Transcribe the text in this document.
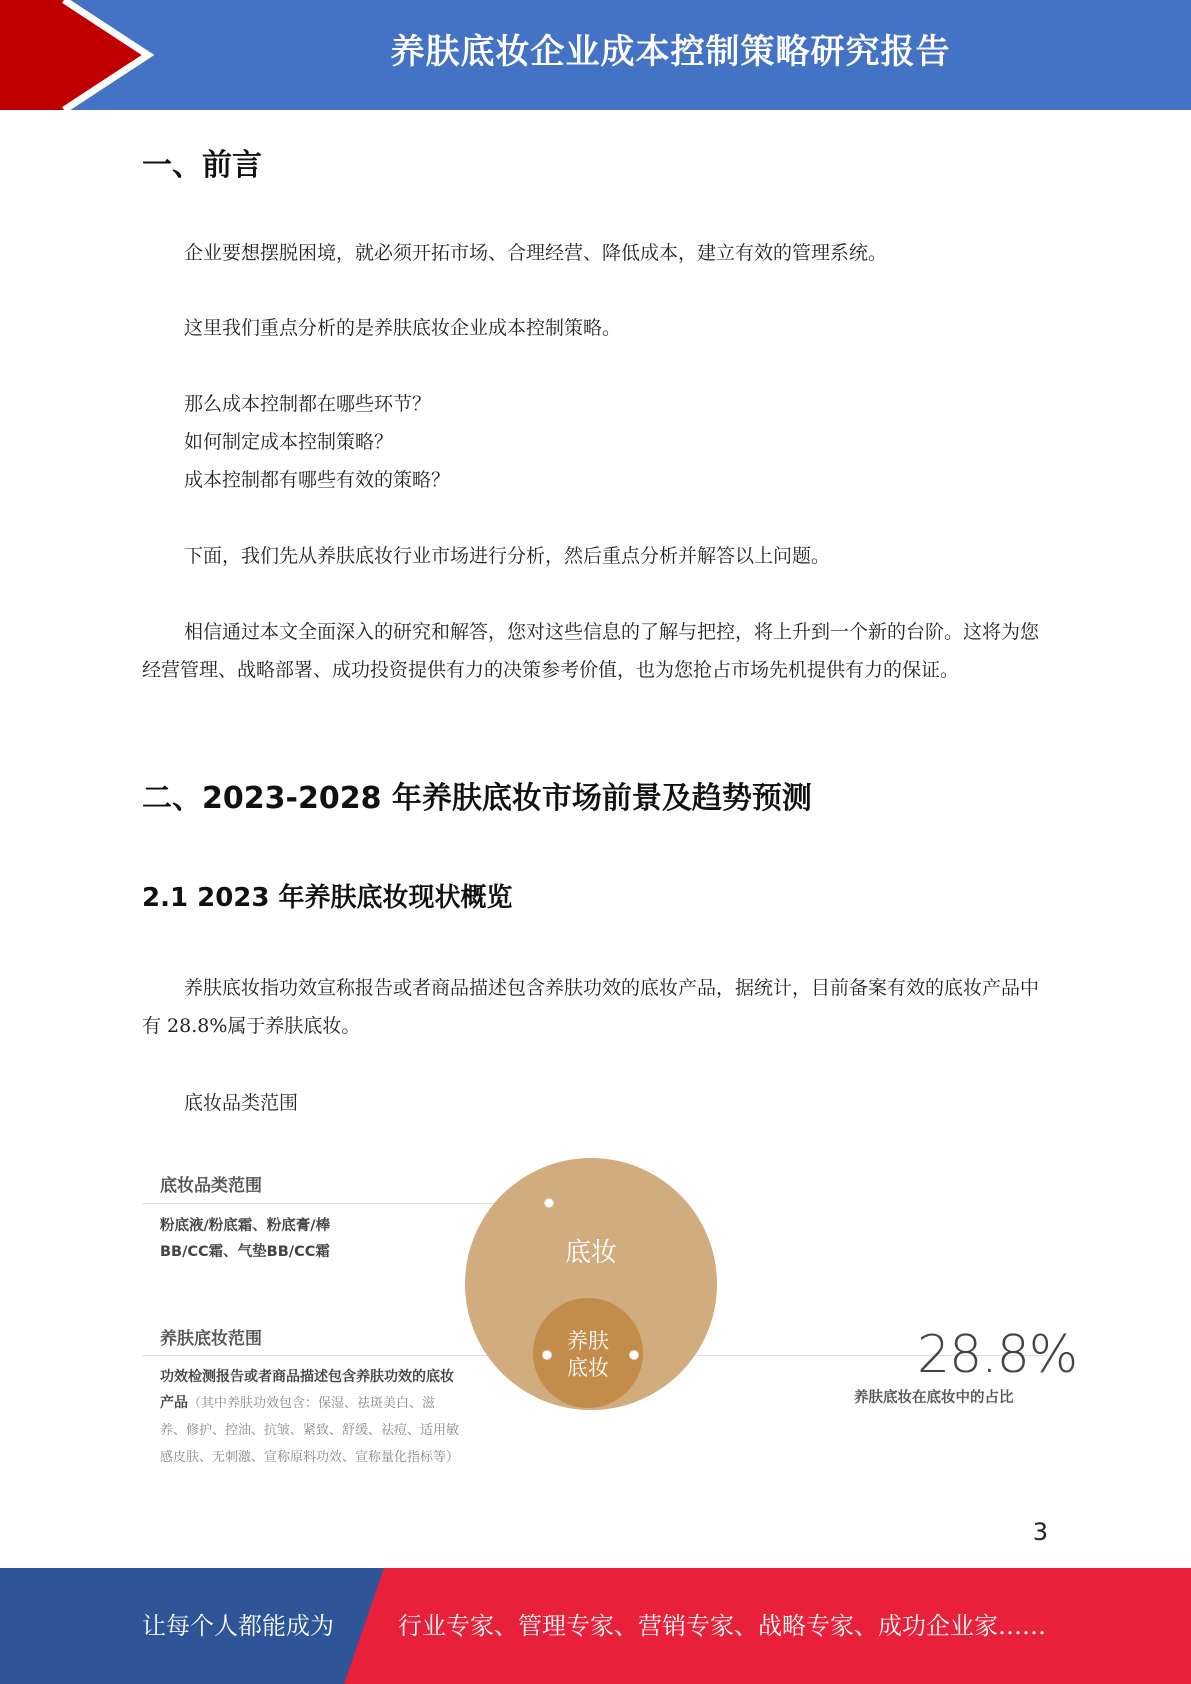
养肤底妆企业成本控制策略研究报告
一、前言

企业要想摆脱困境，就必须开拓市场、合理经营、降低成本，建立有效的管理系统。

这里我们重点分析的是养肤底妆企业成本控制策略。

那么成本控制都在哪些环节？

如何制定成本控制策略？

成本控制都有哪些有效的策略？

下面，我们先从养肤底妆行业市场进行分析，然后重点分析并解答以上问题。

相信通过本文全面深入的研究和解答，您对这些信息的了解与把控，将上升到一个新的台阶。这将为您经营管理、战略部署、成功投资提供有力的决策参考价值，也为您抢占市场先机提供有力的保证。

二、2023-2028 年养肤底妆市场前景及趋势预测
2.1 2023 年养肤底妆现状概览

养肤底妆指功效宣称报告或者商品描述包含养肤功效的底妆产品，据统计，目前备案有效的底妆产品中有 28.8%属于养肤底妆。

底妆品类范围

底妆品类范围
粉底液/粉底霜、粉底膏/棒
BB/CC霜、气垫BB/CC霜
养肤底妆范围
功效检测报告或者商品描述包含养肤功效的底妆产品（其中养肤功效包含：保湿、祛斑美白、滋养、修护、控油、抗皱、紧致、舒缓、祛痘、适用敏感皮肤、无刺激、宣称原料功效、宣称量化指标等）
底妆
养肤
底妆	28.8%
养肤底妆在底妆中的占比
3
让每个人都能成为	行业专家、管理专家、营销专家、战略专家、成功企业家……
